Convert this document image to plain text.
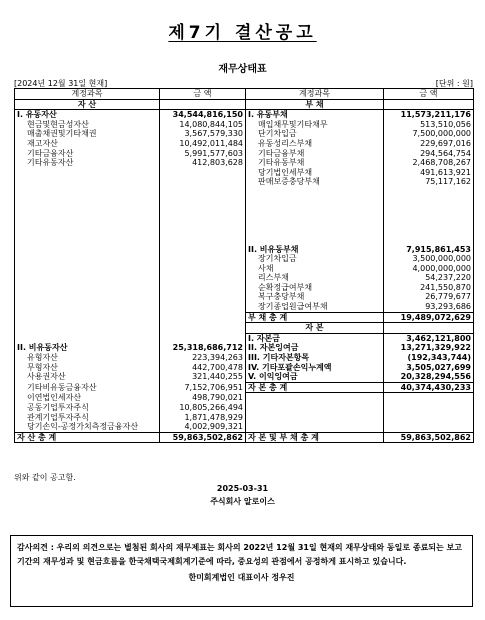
제7기 결산공고
재무상태표
[2024년 12월 31일 현재]	[단위 : 원]
계정과목	금 액	계정과목	금 액
자 산		부 채	
I. 유동자산	34,544,816,150	I. 유동부채	11,573,211,176
현금및현금성자산	14,080,844,105	매입채무및기타채무	513,510,056
매출채권및기타채권	3,567,579,330	단기차입금	7,500,000,000
재고자산	10,492,011,484	유동성리스부채	229,697,016
기타금융자산	5,991,577,603	기타금융부채	294,564,754
기타유동자산	412,803,628	기타유동부채	2,468,708,267
		당기법인세부채	491,613,921
		판매보증충당부채	75,117,162

		II. 비유동부채	7,915,861,453
		장기차입금	3,500,000,000
		사채	4,000,000,000
		리스부채	54,237,220
		순확정급여부채	241,550,870
		복구충당부채	26,779,677
		장기종업원급여부채	93,293,686
		부 채 총 계	19,489,072,629
		자 본	
		I. 자본금	3,462,121,800
II. 비유동자산	25,318,686,712	II. 자본잉여금	13,271,329,922
유형자산	223,394,263	III. 기타자본항목	(192,343,744)
무형자산	442,700,478	IV. 기타포괄손익누계액	3,505,027,699
사용권자산	321,440,255	V. 이익잉여금	20,328,294,556
기타비유동금융자산	7,152,706,951	자 본 총 계	40,374,430,233
이연법인세자산	498,790,021		
공동기업투자주식	10,805,266,494		
관계기업투자주식	1,871,478,929		
당기손익-공정가치측정금융자산	4,002,909,321		
자 산 총 계	59,863,502,862	자 본 및 부 채 총 계	59,863,502,862
위와 같이 공고함.
2025-03-31
주식회사 알로이스
감사의견 : 우리의 의견으로는 별첨된 회사의 재무제표는 회사의 2022년 12월 31일 현재의 재무상태와 동일로 종료되는 보고기간의 재무성과 및 현금흐름을 한국채택국제회계기준에 따라, 중요성의 관점에서 공정하게 표시하고 있습니다.
한미회계법인 대표이사 정우진
